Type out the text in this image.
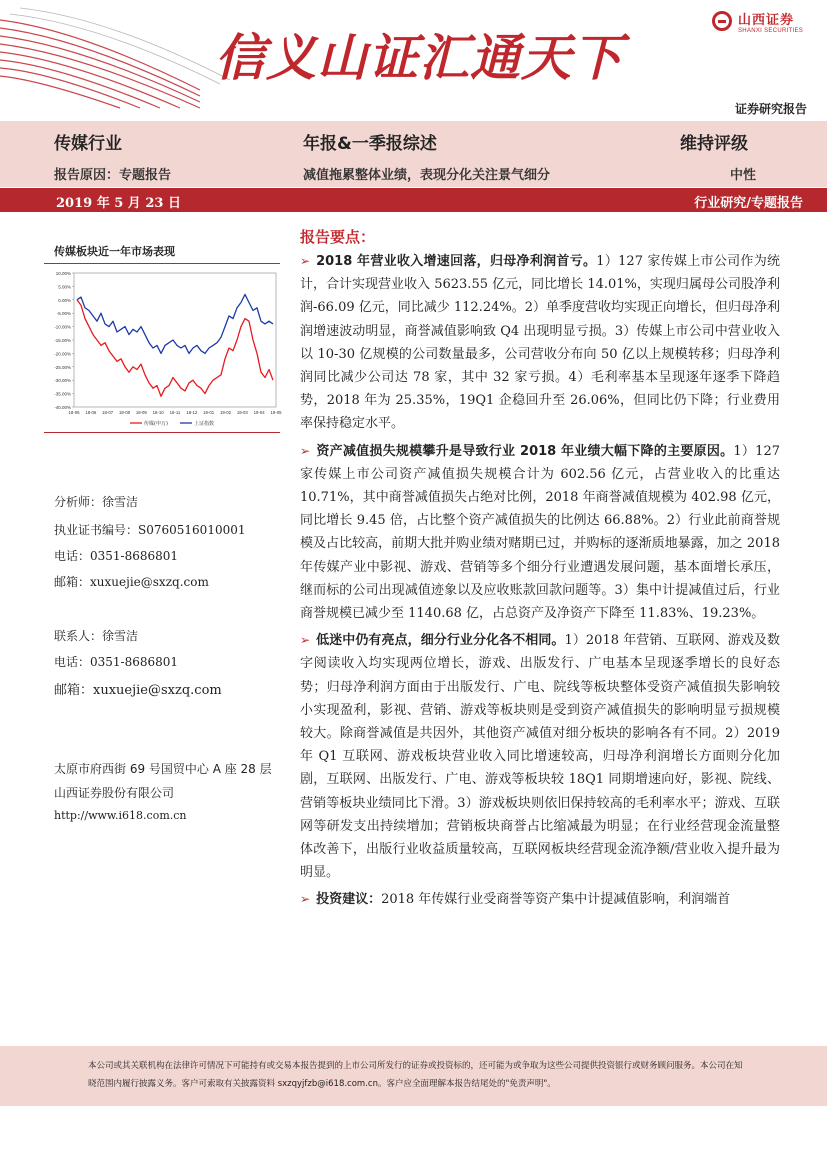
信义山证汇通天下
山西证券
SHANXI SECURITIES
证券研究报告
传媒行业	年报&一季报综述	维持评级
报告原因：专题报告	减值拖累整体业绩，表现分化关注景气细分	中性
2019 年 5 月 23 日	行业研究/专题报告
传媒板块近一年市场表现
10.00%
5.00%
0.00%
-5.00%
-10.00%
-15.00%
-20.00%
-25.00%
-30.00%
-35.00%
-40.00%
18-05 18-06 18-07 18-08 18-09 18-10 18-11 18-12 19-01 19-02 19-03 19-04 19-05
传媒(申万)	上证指数
分析师：徐雪洁
执业证书编号：S0760516010001
电话：0351-8686801
邮箱：xuxuejie@sxzq.com
联系人：徐雪洁
电话：0351-8686801
邮箱：xuxuejie@sxzq.com
太原市府西街 69 号国贸中心 A 座 28 层
山西证券股份有限公司
http://www.i618.com.cn
报告要点：
➢ 2018 年营业收入增速回落，归母净利润首亏。1）127 家传媒上市公司作为统计，合计实现营业收入 5623.55 亿元，同比增长 14.01%，实现归属母公司股净利润-66.09 亿元，同比减少 112.24%。2）单季度营收均实现正向增长，但归母净利润增速波动明显，商誉减值影响致 Q4 出现明显亏损。3）传媒上市公司中营业收入以 10-30 亿规模的公司数量最多，公司营收分布向 50 亿以上规模转移；归母净利润同比减少公司达 78 家，其中 32 家亏损。4）毛利率基本呈现逐年逐季下降趋势，2018 年为 25.35%，19Q1 企稳回升至 26.06%，但同比仍下降；行业费用率保持稳定水平。
➢ 资产减值损失规模攀升是导致行业 2018 年业绩大幅下降的主要原因。1）127 家传媒上市公司资产减值损失规模合计为 602.56 亿元，占营业收入的比重达 10.71%，其中商誉减值损失占绝对比例，2018 年商誉减值规模为 402.98 亿元，同比增长 9.45 倍，占比整个资产减值损失的比例达 66.88%。2）行业此前商誉规模及占比较高，前期大批并购业绩对赌期已过，并购标的逐渐质地暴露，加之 2018 年传媒产业中影视、游戏、营销等多个细分行业遭遇发展问题，基本面增长承压，继而标的公司出现减值迹象以及应收账款回款问题等。3）集中计提减值过后，行业商誉规模已减少至 1140.68 亿，占总资产及净资产下降至 11.83%、19.23%。
➢ 低迷中仍有亮点，细分行业分化各不相同。1）2018 年营销、互联网、游戏及数字阅读收入均实现两位增长，游戏、出版发行、广电基本呈现逐季增长的良好态势；归母净利润方面由于出版发行、广电、院线等板块整体受资产减值损失影响较小实现盈利，影视、营销、游戏等板块则是受到资产减值损失的影响明显亏损规模较大。除商誉减值是共因外，其他资产减值对细分板块的影响各有不同。2）2019 年 Q1 互联网、游戏板块营业收入同比增速较高，归母净利润增长方面则分化加剧，互联网、出版发行、广电、游戏等板块较 18Q1 同期增速向好，影视、院线、营销等板块业绩同比下滑。3）游戏板块则依旧保持较高的毛利率水平；游戏、互联网等研发支出持续增加；营销板块商誉占比缩减最为明显；在行业经营现金流量整体改善下，出版行业收益质量较高，互联网板块经营现金流净额/营业收入提升最为明显。
➢ 投资建议：2018 年传媒行业受商誉等资产集中计提减值影响，利润端首
本公司或其关联机构在法律许可情况下可能持有或交易本报告提到的上市公司所发行的证券或投资标的，还可能为或争取为这些公司提供投资银行或财务顾问服务。本公司在知晓范围内履行披露义务。客户可索取有关披露资料 sxzqyjfzb@i618.com.cn。客户应全面理解本报告结尾处的"免责声明"。
